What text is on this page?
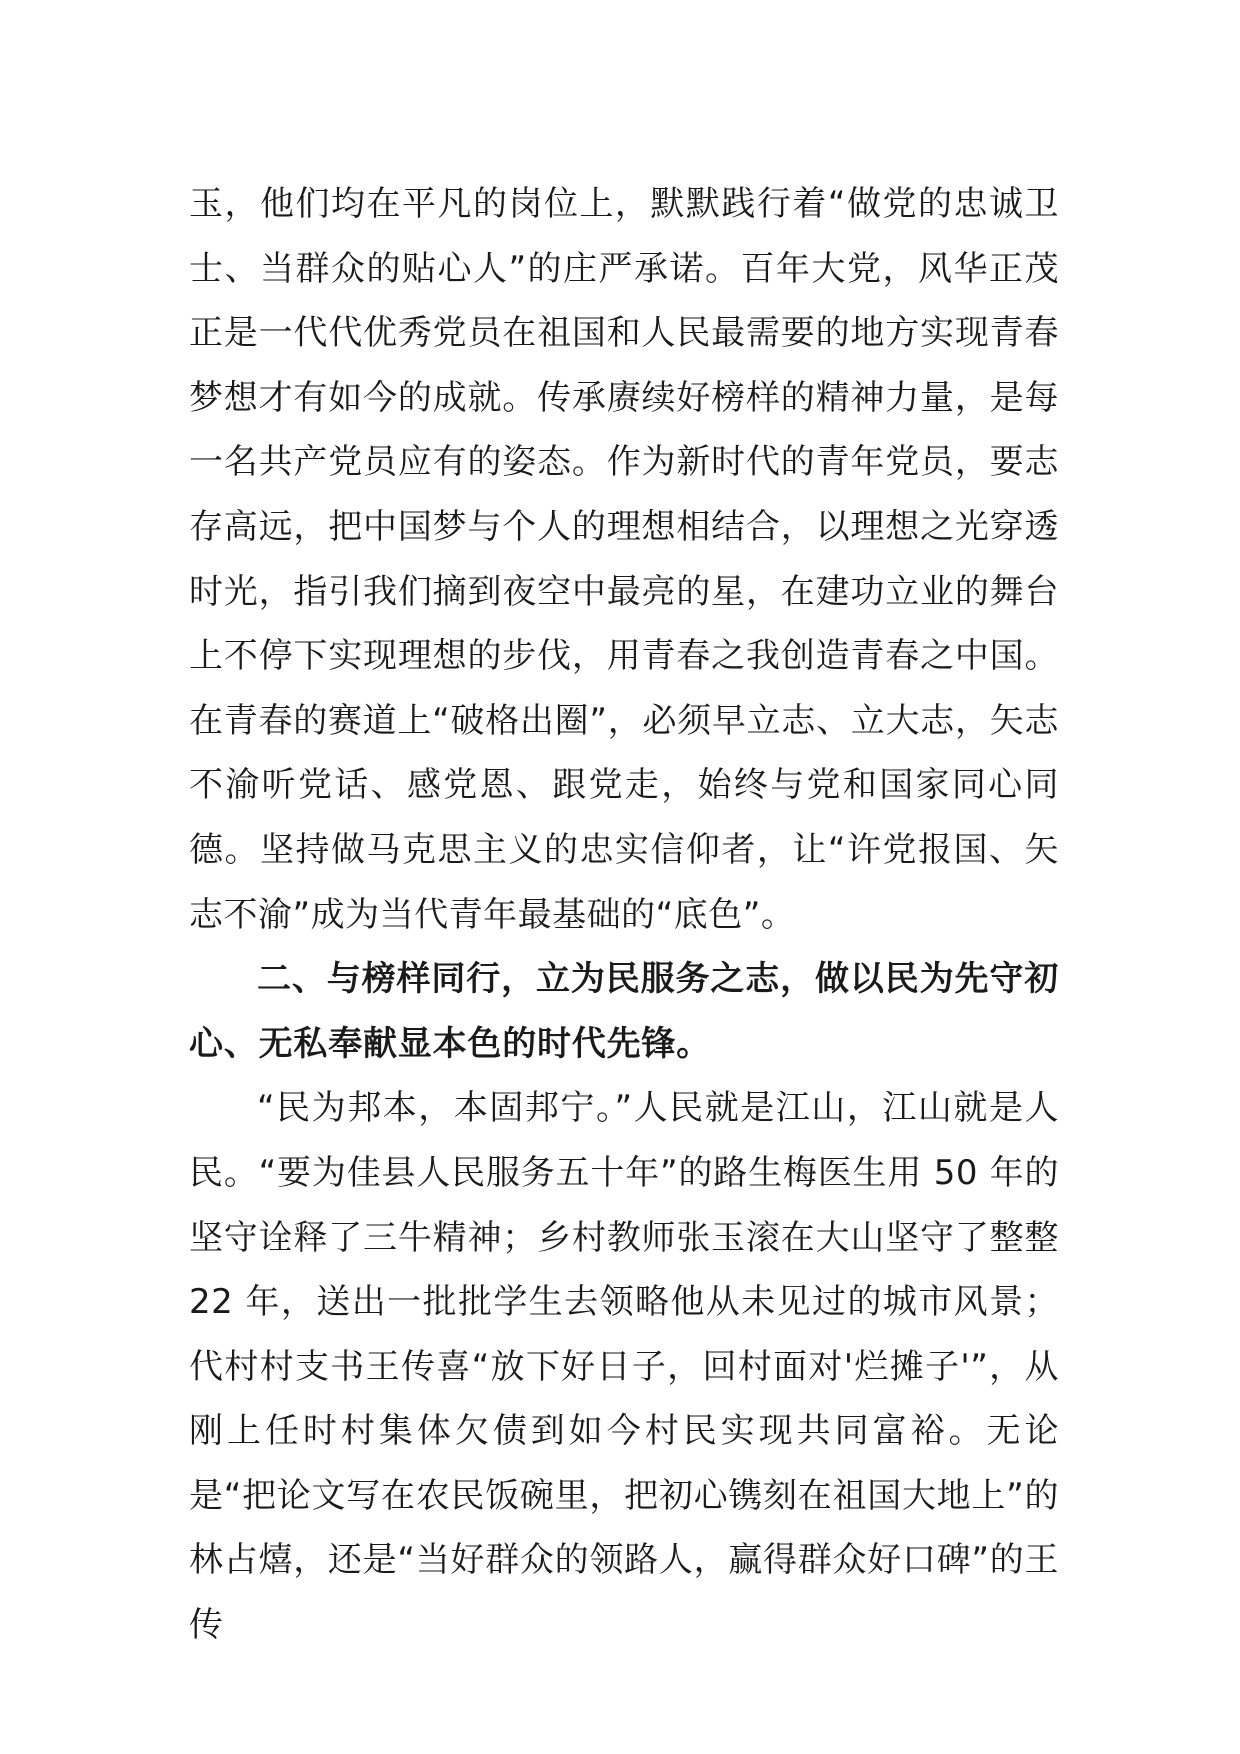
玉，他们均在平凡的岗位上，默默践行着“做党的忠诚卫士、当群众的贴心人”的庄严承诺。百年大党，风华正茂正是一代代优秀党员在祖国和人民最需要的地方实现青春梦想才有如今的成就。传承赓续好榜样的精神力量，是每一名共产党员应有的姿态。作为新时代的青年党员，要志存高远，把中国梦与个人的理想相结合，以理想之光穿透时光，指引我们摘到夜空中最亮的星，在建功立业的舞台上不停下实现理想的步伐，用青春之我创造青春之中国。在青春的赛道上“破格出圈”，必须早立志、立大志，矢志不渝听党话、感党恩、跟党走，始终与党和国家同心同德。坚持做马克思主义的忠实信仰者，让“许党报国、矢志不渝”成为当代青年最基础的“底色”。

二、与榜样同行，立为民服务之志，做以民为先守初心、无私奉献显本色的时代先锋。

“民为邦本，本固邦宁。”人民就是江山，江山就是人民。“要为佳县人民服务五十年”的路生梅医生用 50 年的坚守诠释了三牛精神；乡村教师张玉滚在大山坚守了整整 22 年，送出一批批学生去领略他从未见过的城市风景；代村村支书王传喜“放下好日子，回村面对'烂摊子'”，从刚上任时村集体欠债到如今村民实现共同富裕。无论是“把论文写在农民饭碗里，把初心镌刻在祖国大地上”的林占熺，还是“当好群众的领路人，赢得群众好口碑”的王传
